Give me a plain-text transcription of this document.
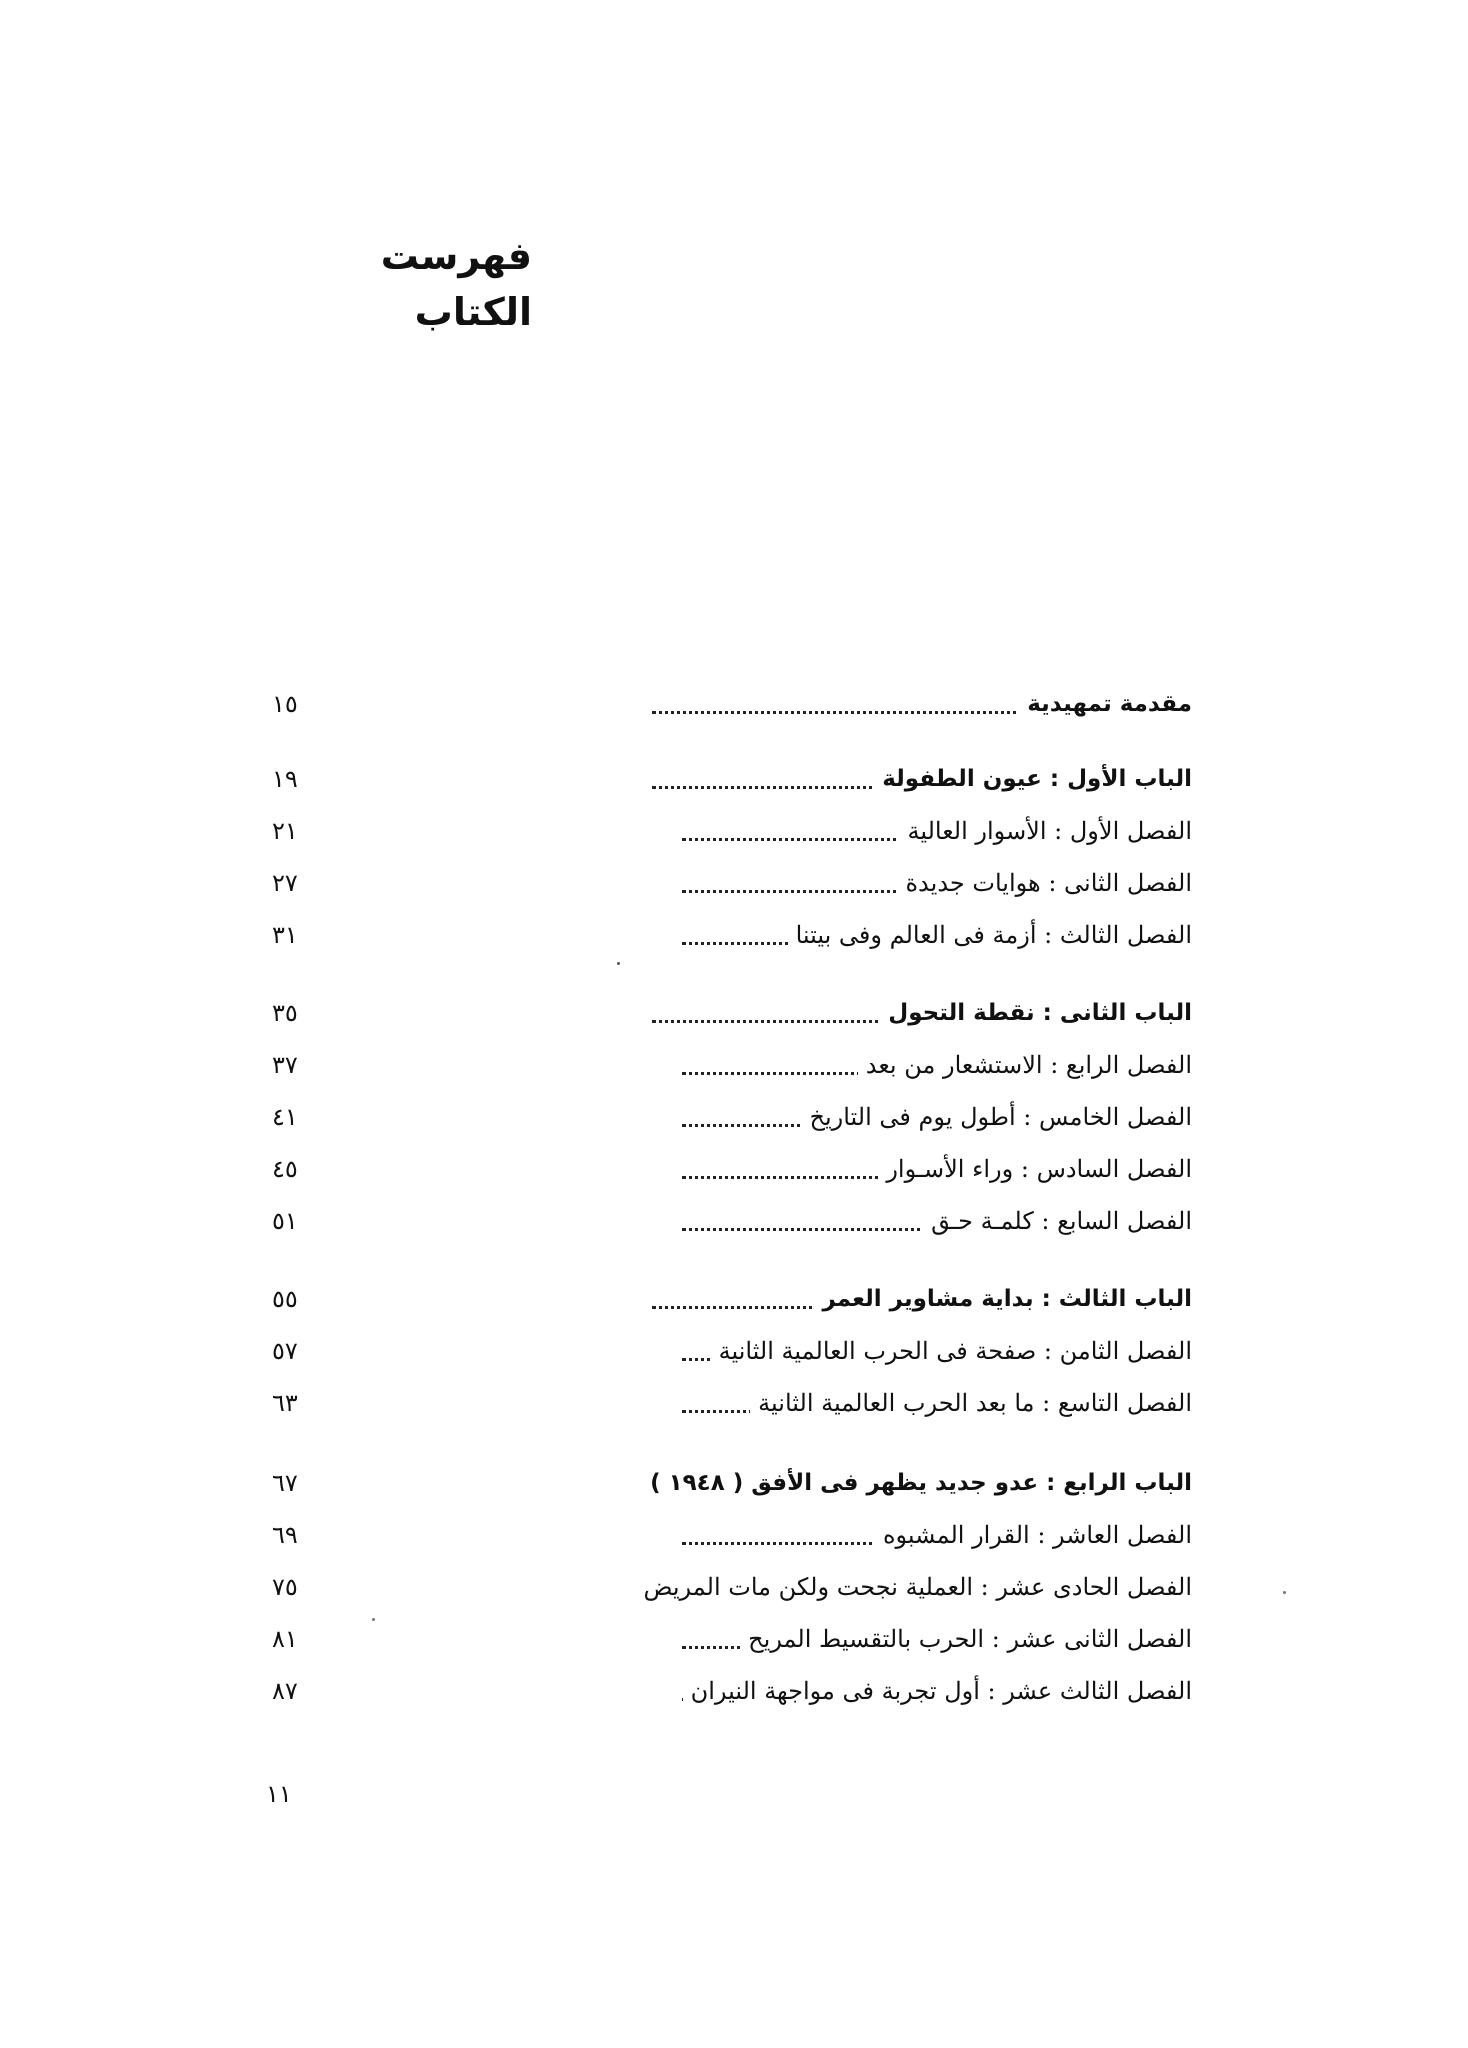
فهرست الكتاب
مقدمة تمهيدية
١٥
الباب الأول : عيون الطفولة
١٩
الفصل الأول : الأسوار العالية
٢١
الفصل الثانى : هوايات جديدة
٢٧
الفصل الثالث : أزمة فى العالم وفى بيتنا
٣١
الباب الثانى : نقطة التحول
٣٥
الفصل الرابع : الاستشعار من بعد
٣٧
الفصل الخامس : أطول يوم فى التاريخ
٤١
الفصل السادس : وراء الأسـوار
٤٥
الفصل السابع : كلمـة حـق
٥١
الباب الثالث : بداية مشاوير العمر
٥٥
الفصل الثامن : صفحة فى الحرب العالمية الثانية
٥٧
الفصل التاسع : ما بعد الحرب العالمية الثانية
٦٣
الباب الرابع : عدو جديد يظهر فى الأفق ( ١٩٤٨ )
٦٧
الفصل العاشر : القرار المشبوه
٦٩
الفصل الحادى عشر : العملية نجحت ولكن مات المريض
٧٥
الفصل الثانى عشر : الحرب بالتقسيط المريح
٨١
الفصل الثالث عشر : أول تجربة فى مواجهة النيران
٨٧
١١
